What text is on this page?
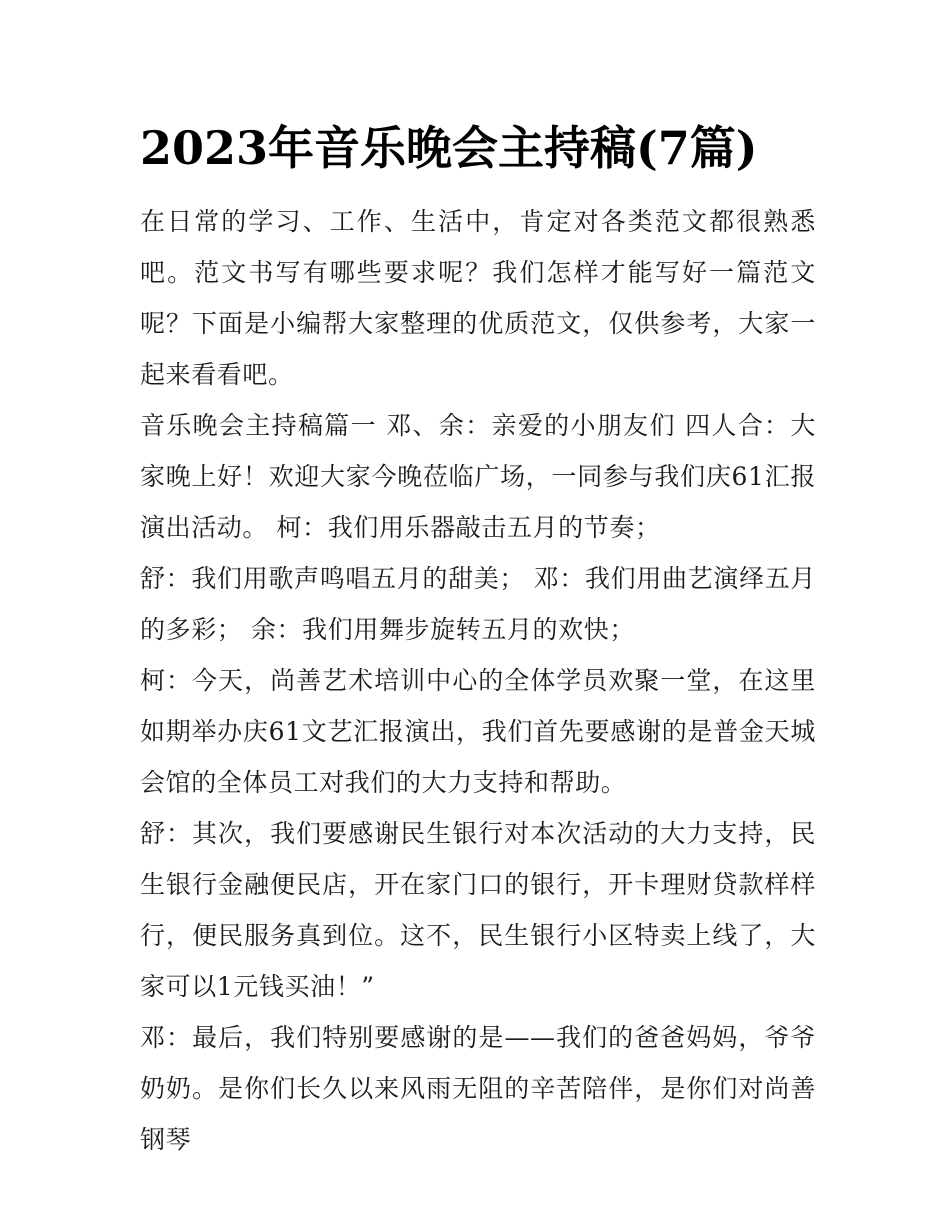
2023年音乐晚会主持稿(7篇)

在日常的学习、工作、生活中，肯定对各类范文都很熟悉吧。范文书写有哪些要求呢？我们怎样才能写好一篇范文呢？下面是小编帮大家整理的优质范文，仅供参考，大家一起来看看吧。

音乐晚会主持稿篇一 邓、余：亲爱的小朋友们 四人合：大家晚上好！欢迎大家今晚莅临广场，一同参与我们庆61汇报演出活动。 柯：我们用乐器敲击五月的节奏；

舒：我们用歌声鸣唱五月的甜美； 邓：我们用曲艺演绎五月的多彩； 余：我们用舞步旋转五月的欢快；

柯：今天，尚善艺术培训中心的全体学员欢聚一堂，在这里如期举办庆61文艺汇报演出，我们首先要感谢的是普金天城会馆的全体员工对我们的大力支持和帮助。

舒：其次，我们要感谢民生银行对本次活动的大力支持，民生银行金融便民店，开在家门口的银行，开卡理财贷款样样行，便民服务真到位。这不，民生银行小区特卖上线了，大家可以1元钱买油！”

邓：最后，我们特别要感谢的是——我们的爸爸妈妈，爷爷奶奶。是你们长久以来风雨无阻的辛苦陪伴，是你们对尚善钢琴
